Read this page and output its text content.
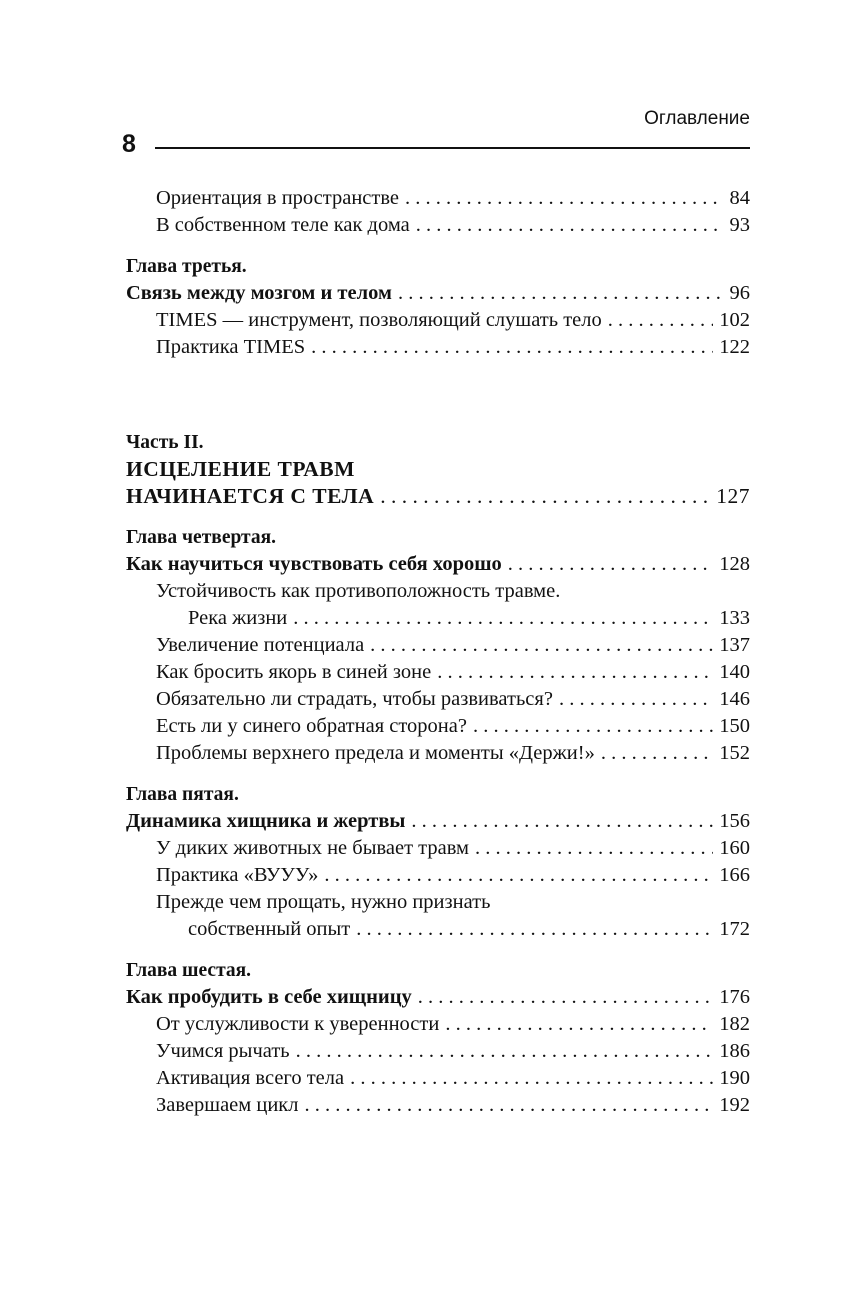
Оглавление
8
Ориентация в пространстве . . .	84
В собственном теле как дома . . .	93
Глава третья.
Связь между мозгом и телом . . .	96
TIMES — инструмент, позволяющий слушать тело . . .	102
Практика TIMES . . .	122
Часть II.
ИСЦЕЛЕНИЕ ТРАВМ
НАЧИНАЕТСЯ С ТЕЛА . . .	127
Глава четвертая.
Как научиться чувствовать себя хорошо . . .	128
Устойчивость как противоположность травме.
Река жизни . . .	133
Увеличение потенциала . . .	137
Как бросить якорь в синей зоне . . .	140
Обязательно ли страдать, чтобы развиваться? . . .	146
Есть ли у синего обратная сторона? . . .	150
Проблемы верхнего предела и моменты «Держи!» . . .	152
Глава пятая.
Динамика хищника и жертвы . . .	156
У диких животных не бывает травм . . .	160
Практика «ВУУУ» . . .	166
Прежде чем прощать, нужно признать
собственный опыт . . .	172
Глава шестая.
Как пробудить в себе хищницу . . .	176
От услужливости к уверенности . . .	182
Учимся рычать . . .	186
Активация всего тела . . .	190
Завершаем цикл . . .	192
